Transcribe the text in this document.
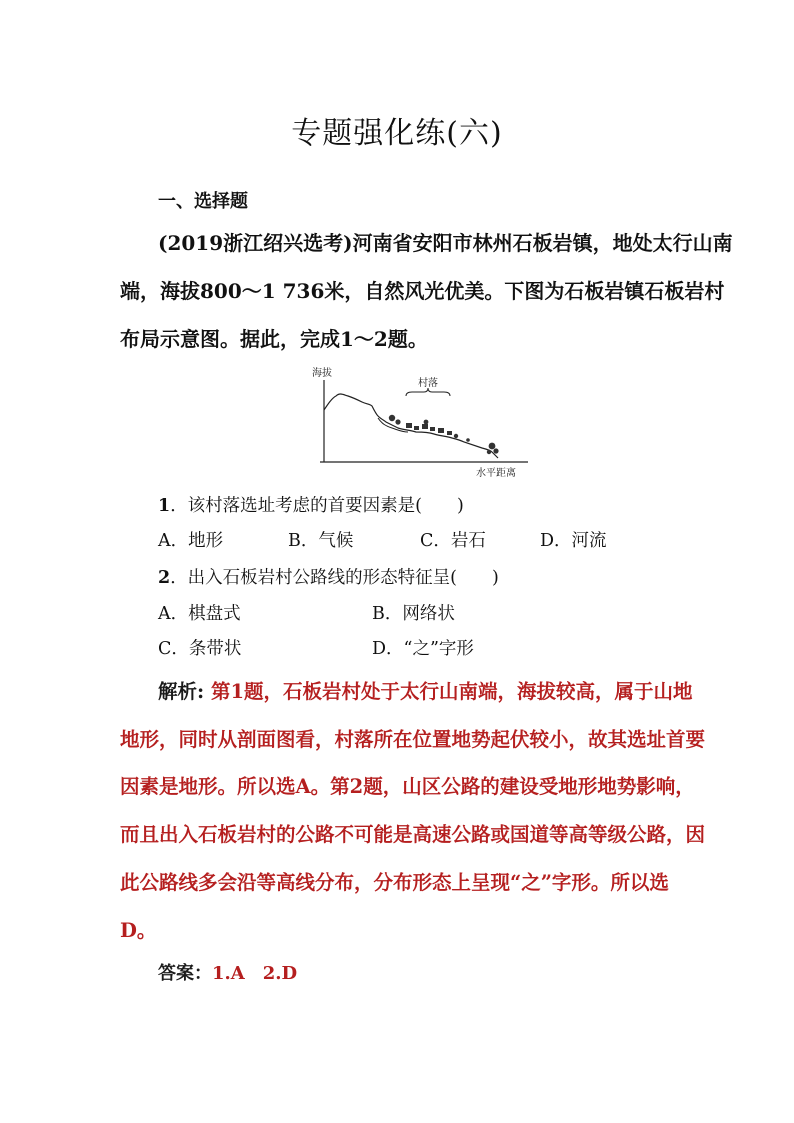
专题强化练(六)
一、选择题
(2019浙江绍兴选考)河南省安阳市林州石板岩镇，地处太行山南
端，海拔800～1 736米，自然风光优美。下图为石板岩镇石板岩村
布局示意图。据此，完成1～2题。
村落
海拔
水平距离
1．该村落选址考虑的首要因素是(　　)
A．地形	B．气候	C．岩石	D．河流
2．出入石板岩村公路线的形态特征呈(　　)
A．棋盘式	B．网络状
C．条带状	D．“之”字形
解析: 第1题，石板岩村处于太行山南端，海拔较高，属于山地
地形，同时从剖面图看，村落所在位置地势起伏较小，故其选址首要
因素是地形。所以选A。第2题，山区公路的建设受地形地势影响，
而且出入石板岩村的公路不可能是高速公路或国道等高等级公路，因
此公路线多会沿等高线分布，分布形态上呈现“之”字形。所以选
D。
答案：1.A　2.D
